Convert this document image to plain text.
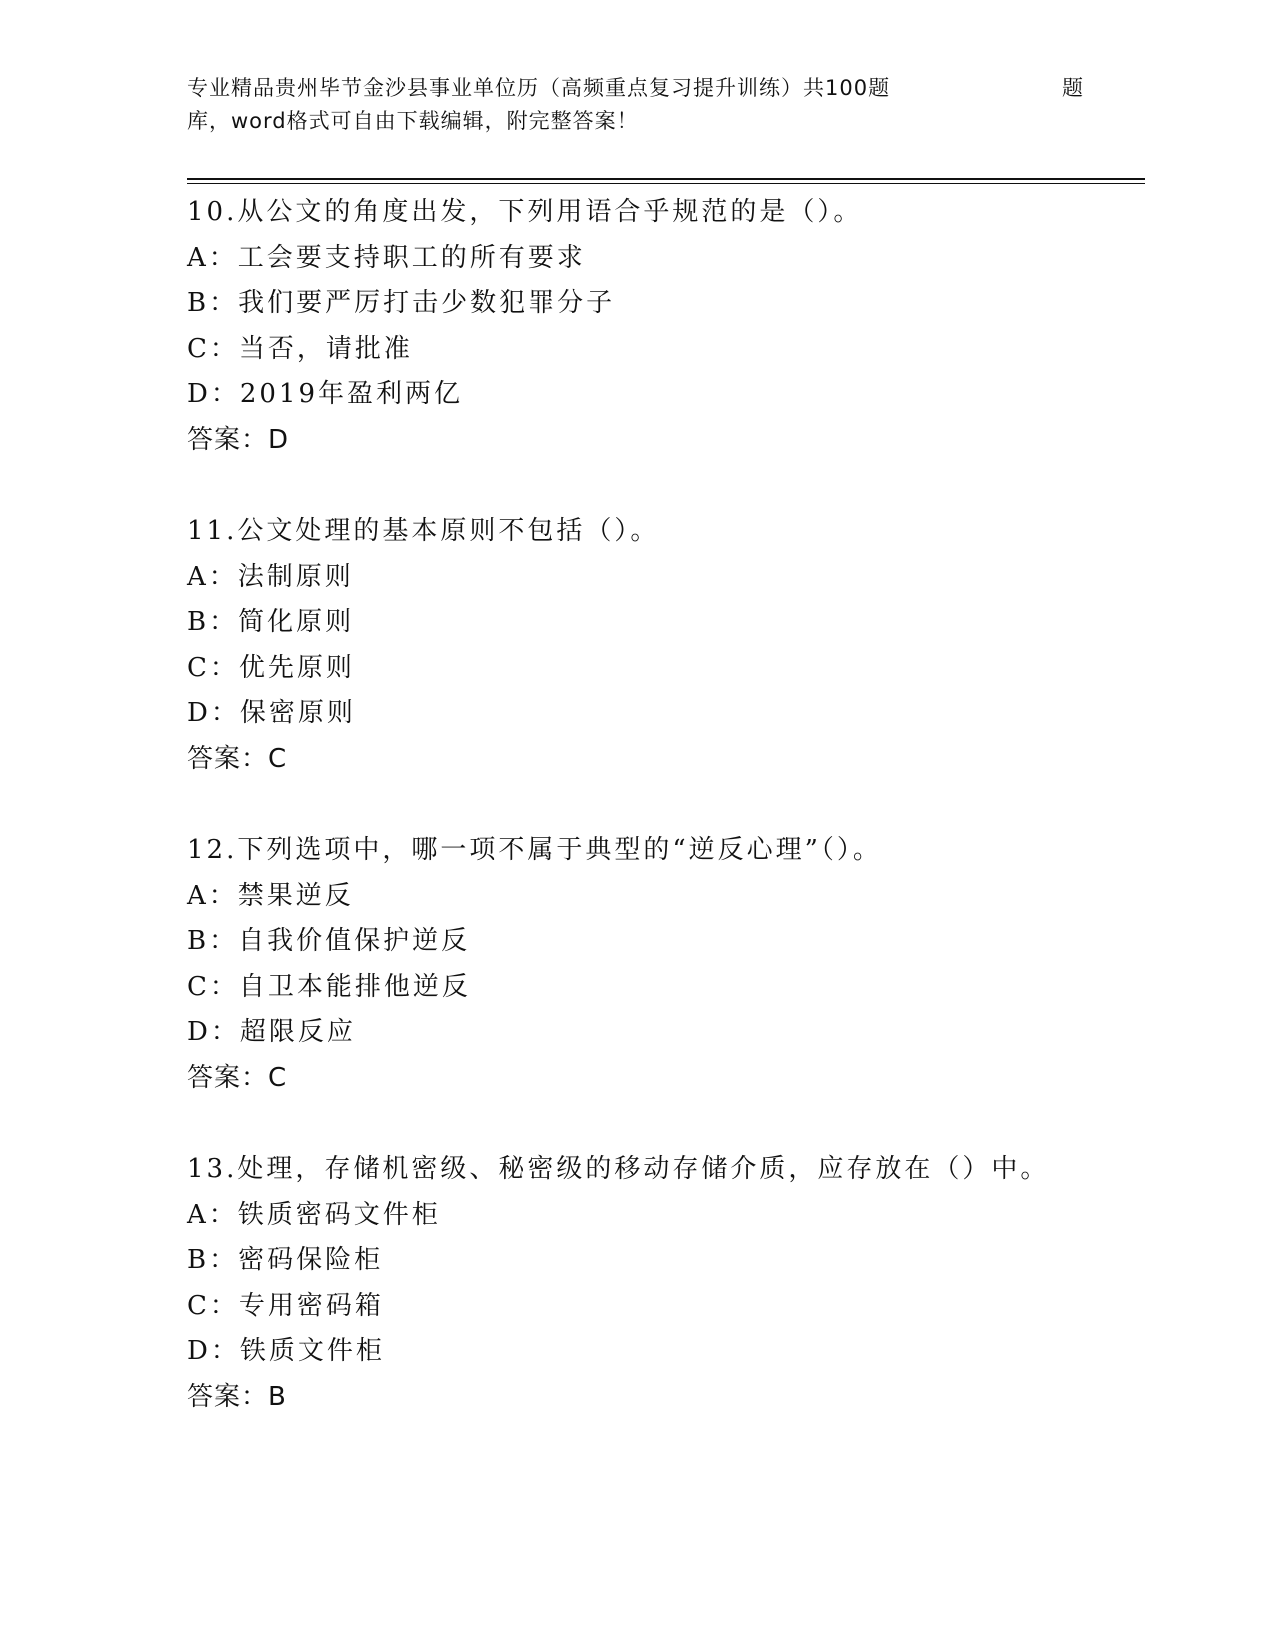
专业精品贵州毕节金沙县事业单位历（高频重点复习提升训练）共100题	题
库，word格式可自由下载编辑，附完整答案！
10.从公文的角度出发，下列用语合乎规范的是（）。
A：工会要支持职工的所有要求
B：我们要严厉打击少数犯罪分子
C：当否，请批准
D：2019年盈利两亿
答案：D
11.公文处理的基本原则不包括（）。
A：法制原则
B：简化原则
C：优先原则
D：保密原则
答案：C
12.下列选项中，哪一项不属于典型的“逆反心理”（）。
A：禁果逆反
B：自我价值保护逆反
C：自卫本能排他逆反
D：超限反应
答案：C
13.处理，存储机密级、秘密级的移动存储介质，应存放在（）中。
A：铁质密码文件柜
B：密码保险柜
C：专用密码箱
D：铁质文件柜
答案：B
